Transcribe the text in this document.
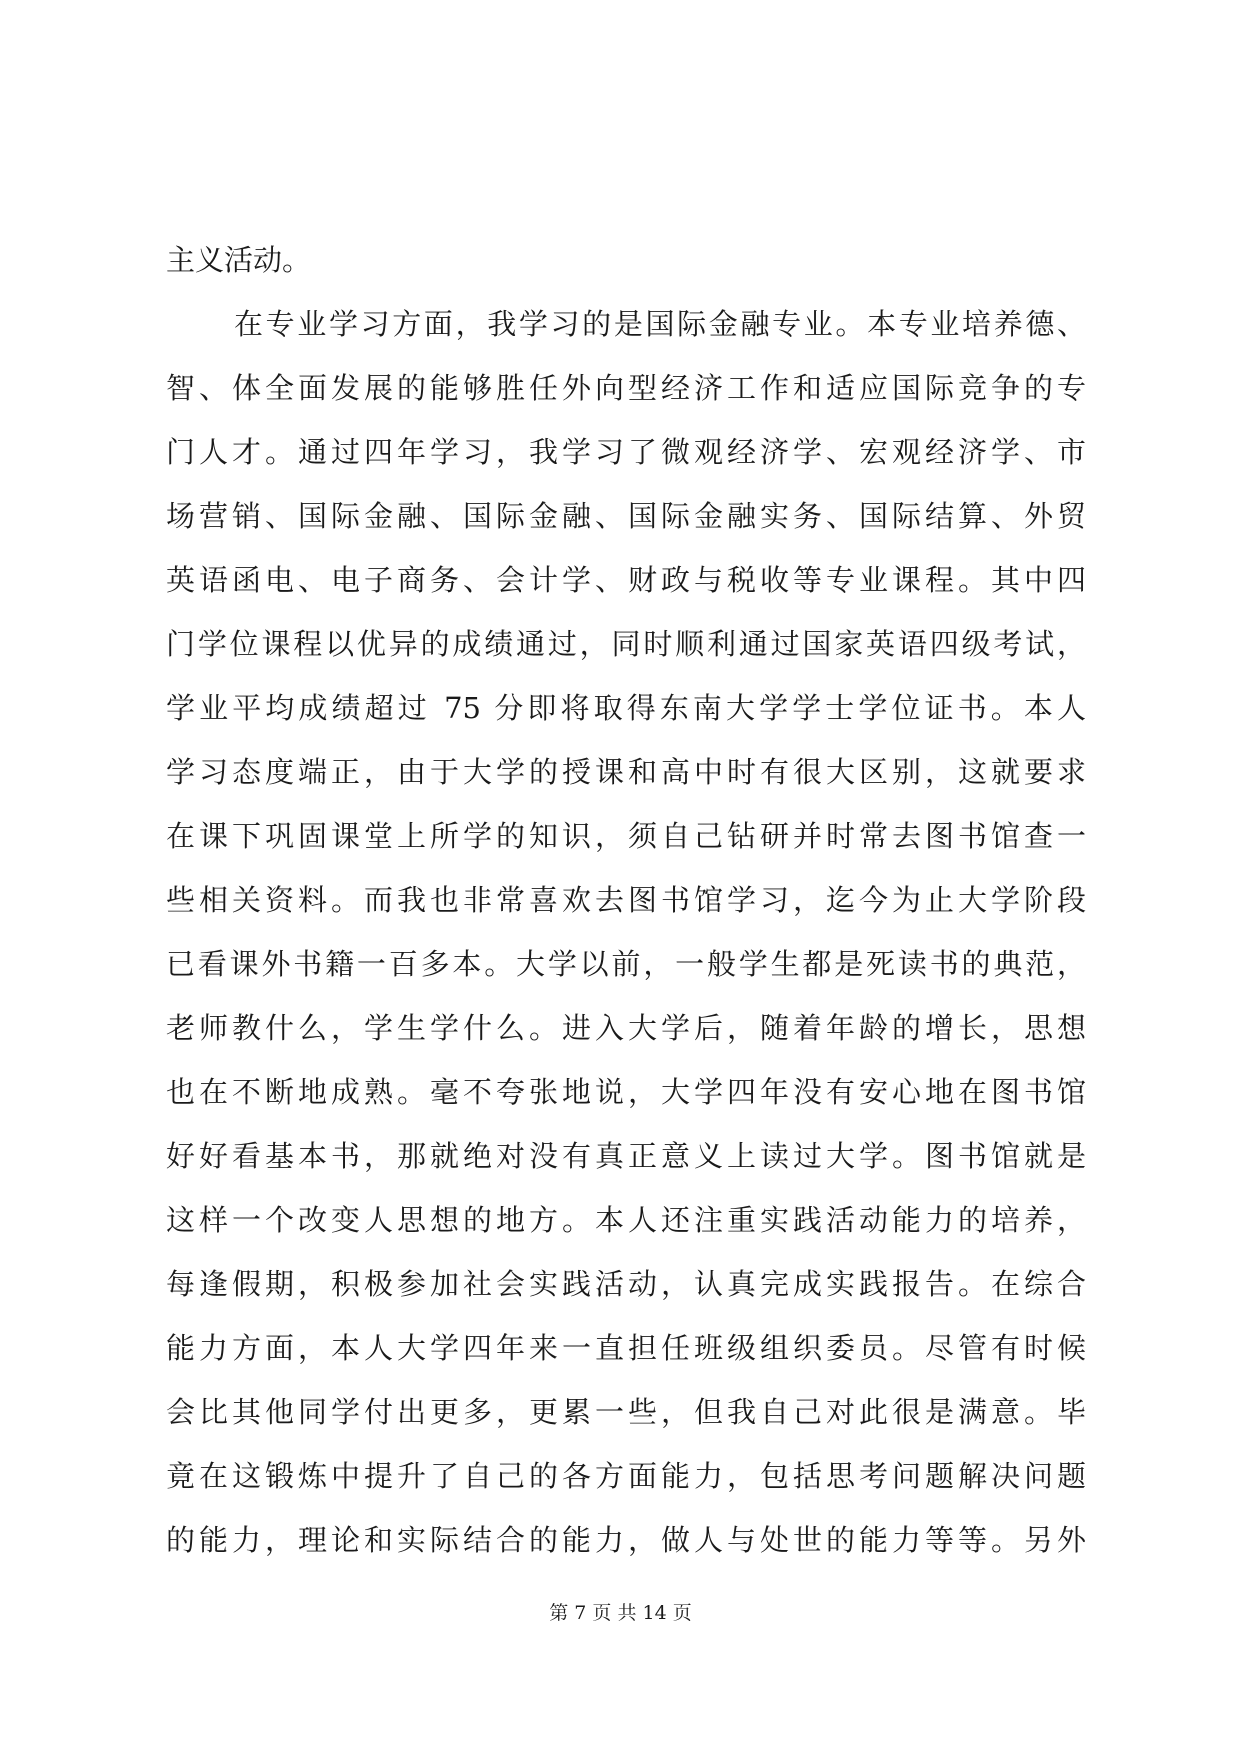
主义活动。
在专业学习方面，我学习的是国际金融专业。本专业培养德、
智、体全面发展的能够胜任外向型经济工作和适应国际竞争的专
门人才。通过四年学习，我学习了微观经济学、宏观经济学、市
场营销、国际金融、国际金融、国际金融实务、国际结算、外贸
英语函电、电子商务、会计学、财政与税收等专业课程。其中四
门学位课程以优异的成绩通过，同时顺利通过国家英语四级考试，
学业平均成绩超过 75 分即将取得东南大学学士学位证书。本人
学习态度端正，由于大学的授课和高中时有很大区别，这就要求
在课下巩固课堂上所学的知识，须自己钻研并时常去图书馆查一
些相关资料。而我也非常喜欢去图书馆学习，迄今为止大学阶段
已看课外书籍一百多本。大学以前，一般学生都是死读书的典范，
老师教什么，学生学什么。进入大学后，随着年龄的增长，思想
也在不断地成熟。毫不夸张地说，大学四年没有安心地在图书馆
好好看基本书，那就绝对没有真正意义上读过大学。图书馆就是
这样一个改变人思想的地方。本人还注重实践活动能力的培养，
每逢假期，积极参加社会实践活动，认真完成实践报告。在综合
能力方面，本人大学四年来一直担任班级组织委员。尽管有时候
会比其他同学付出更多，更累一些，但我自己对此很是满意。毕
竟在这锻炼中提升了自己的各方面能力，包括思考问题解决问题
的能力，理论和实际结合的能力，做人与处世的能力等等。另外
第 7 页 共 14 页
